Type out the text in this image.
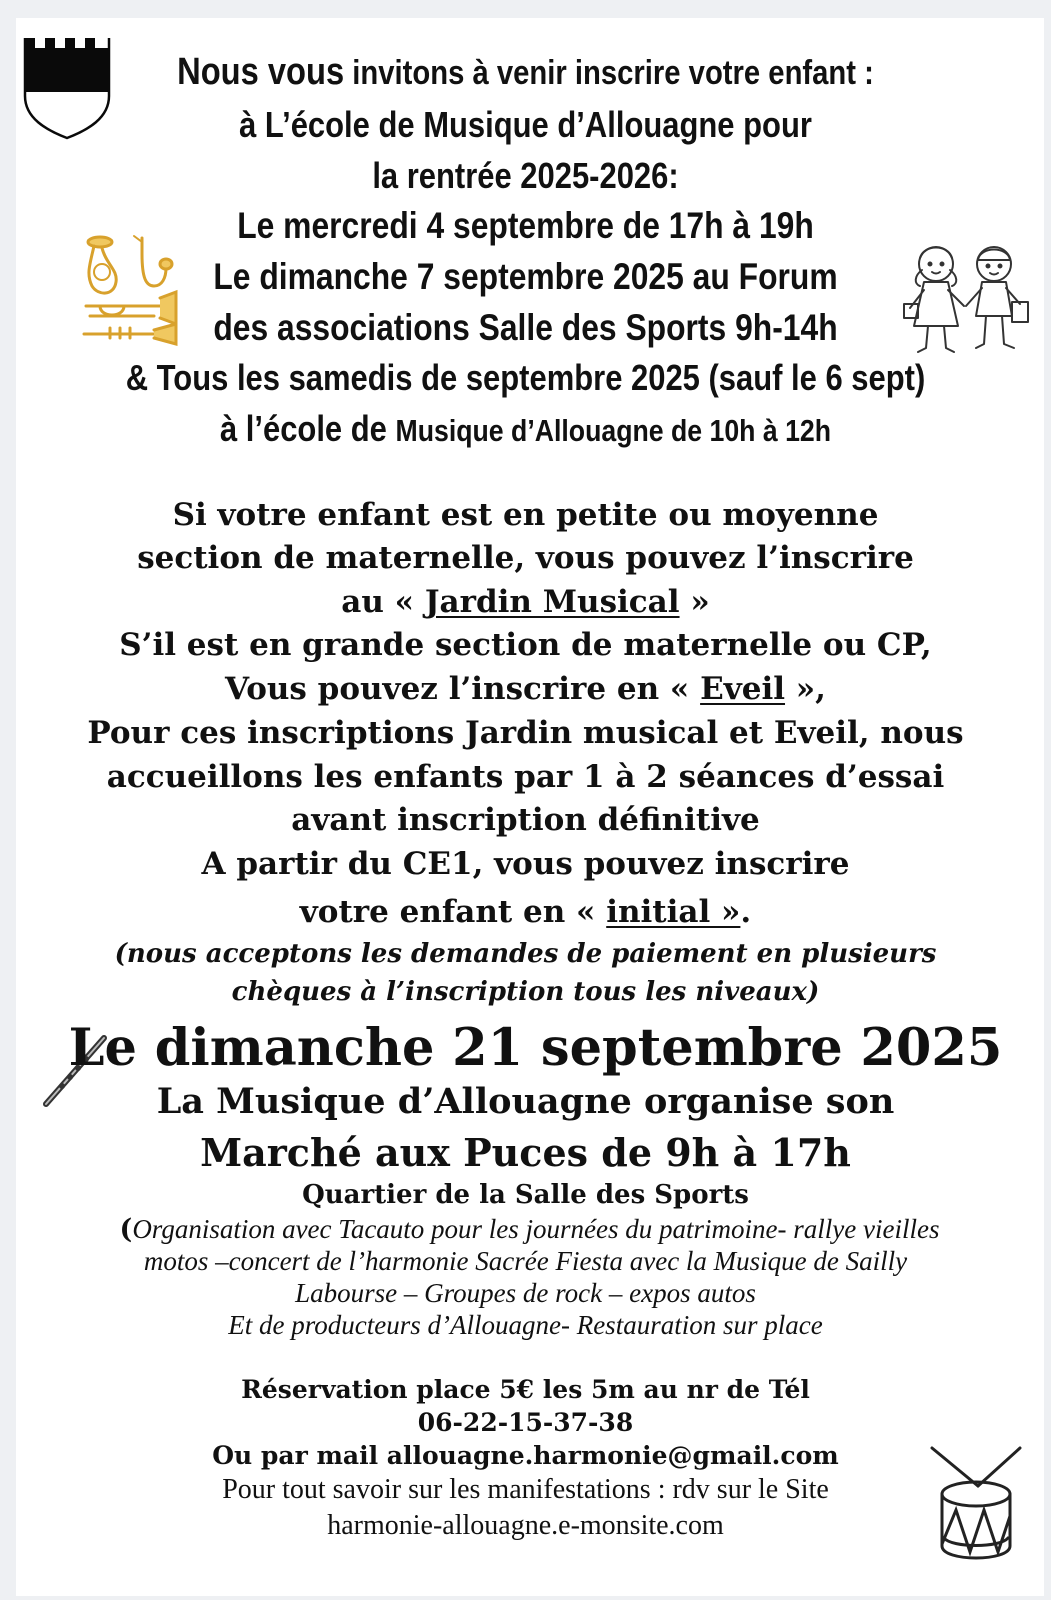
Nous vous invitons à venir inscrire votre enfant :
à L’école de Musique d’Allouagne pour
la rentrée 2025-2026:
Le mercredi 4 septembre de 17h à 19h
Le dimanche 7 septembre 2025 au Forum
des associations Salle des Sports 9h-14h
& Tous les samedis de septembre 2025 (sauf le 6 sept)
à l’école de Musique d’Allouagne de 10h à 12h
Si votre enfant est en petite ou moyenne
section de maternelle, vous pouvez l’inscrire
au « Jardin Musical »
S’il est en grande section de maternelle ou CP,
Vous pouvez l’inscrire en « Eveil »,
Pour ces inscriptions Jardin musical et Eveil, nous
accueillons les enfants par 1 à 2 séances d’essai
avant inscription définitive
A partir du CE1, vous pouvez inscrire
votre enfant en « initial ».
(nous acceptons les demandes de paiement en plusieurs
chèques à l’inscription tous les niveaux)
Le dimanche 21 septembre 2025
La Musique d’Allouagne organise son
Marché aux Puces de 9h à 17h
Quartier de la Salle des Sports
(Organisation avec Tacauto pour les journées du patrimoine- rallye vieilles
motos –concert de l’harmonie Sacrée Fiesta avec la Musique de Sailly
Labourse – Groupes de rock – expos autos
Et de producteurs d’Allouagne- Restauration sur place
Réservation place 5€ les 5m au nr de Tél
06-22-15-37-38
Ou par mail allouagne.harmonie@gmail.com
Pour tout savoir sur les manifestations : rdv sur le Site
harmonie-allouagne.e-monsite.com
